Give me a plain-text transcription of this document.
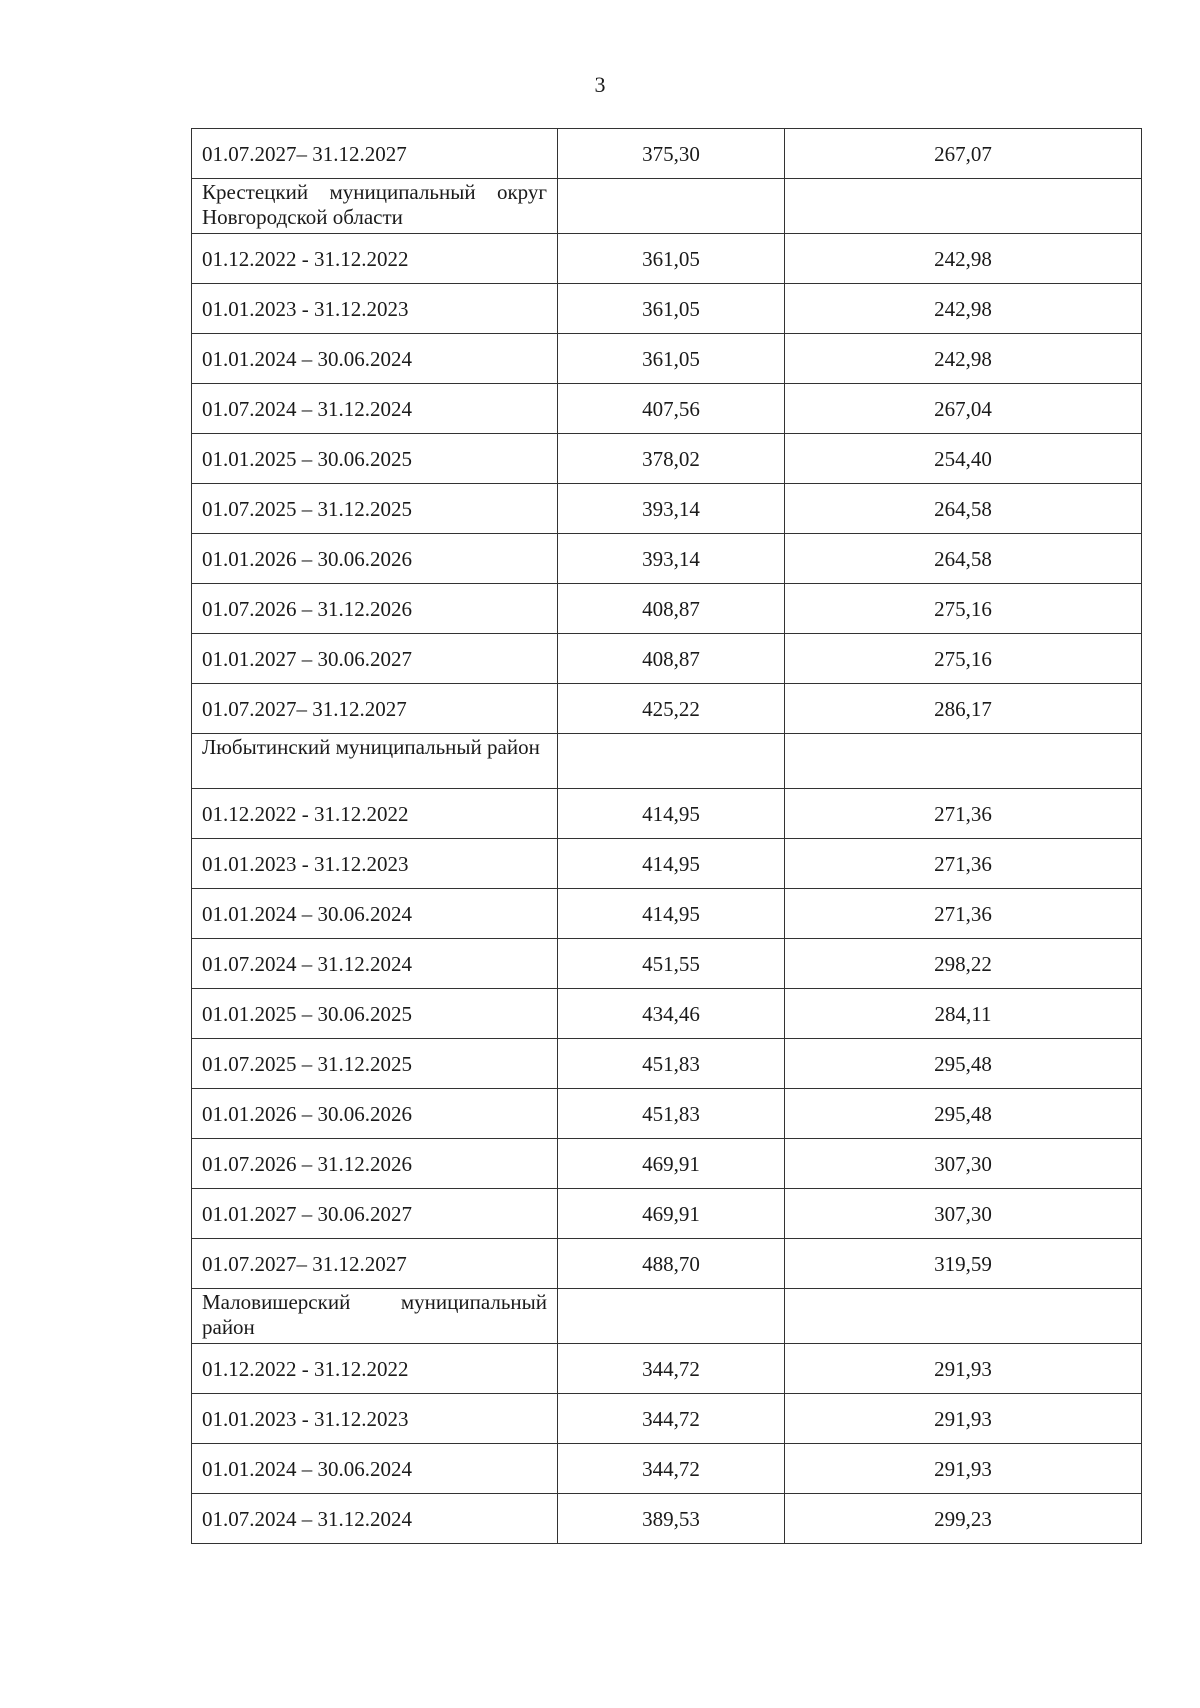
3
01.07.2027– 31.12.2027	375,30	267,07
Крестецкий муниципальный округ Новгородской области		
01.12.2022 - 31.12.2022	361,05	242,98
01.01.2023 - 31.12.2023	361,05	242,98
01.01.2024 – 30.06.2024	361,05	242,98
01.07.2024 – 31.12.2024	407,56	267,04
01.01.2025 – 30.06.2025	378,02	254,40
01.07.2025 – 31.12.2025	393,14	264,58
01.01.2026 – 30.06.2026	393,14	264,58
01.07.2026 – 31.12.2026	408,87	275,16
01.01.2027 – 30.06.2027	408,87	275,16
01.07.2027– 31.12.2027	425,22	286,17
Любытинский муниципальный район		
01.12.2022 - 31.12.2022	414,95	271,36
01.01.2023 - 31.12.2023	414,95	271,36
01.01.2024 – 30.06.2024	414,95	271,36
01.07.2024 – 31.12.2024	451,55	298,22
01.01.2025 – 30.06.2025	434,46	284,11
01.07.2025 – 31.12.2025	451,83	295,48
01.01.2026 – 30.06.2026	451,83	295,48
01.07.2026 – 31.12.2026	469,91	307,30
01.01.2027 – 30.06.2027	469,91	307,30
01.07.2027– 31.12.2027	488,70	319,59
Маловишерский муниципальный район		
01.12.2022 - 31.12.2022	344,72	291,93
01.01.2023 - 31.12.2023	344,72	291,93
01.01.2024 – 30.06.2024	344,72	291,93
01.07.2024 – 31.12.2024	389,53	299,23
